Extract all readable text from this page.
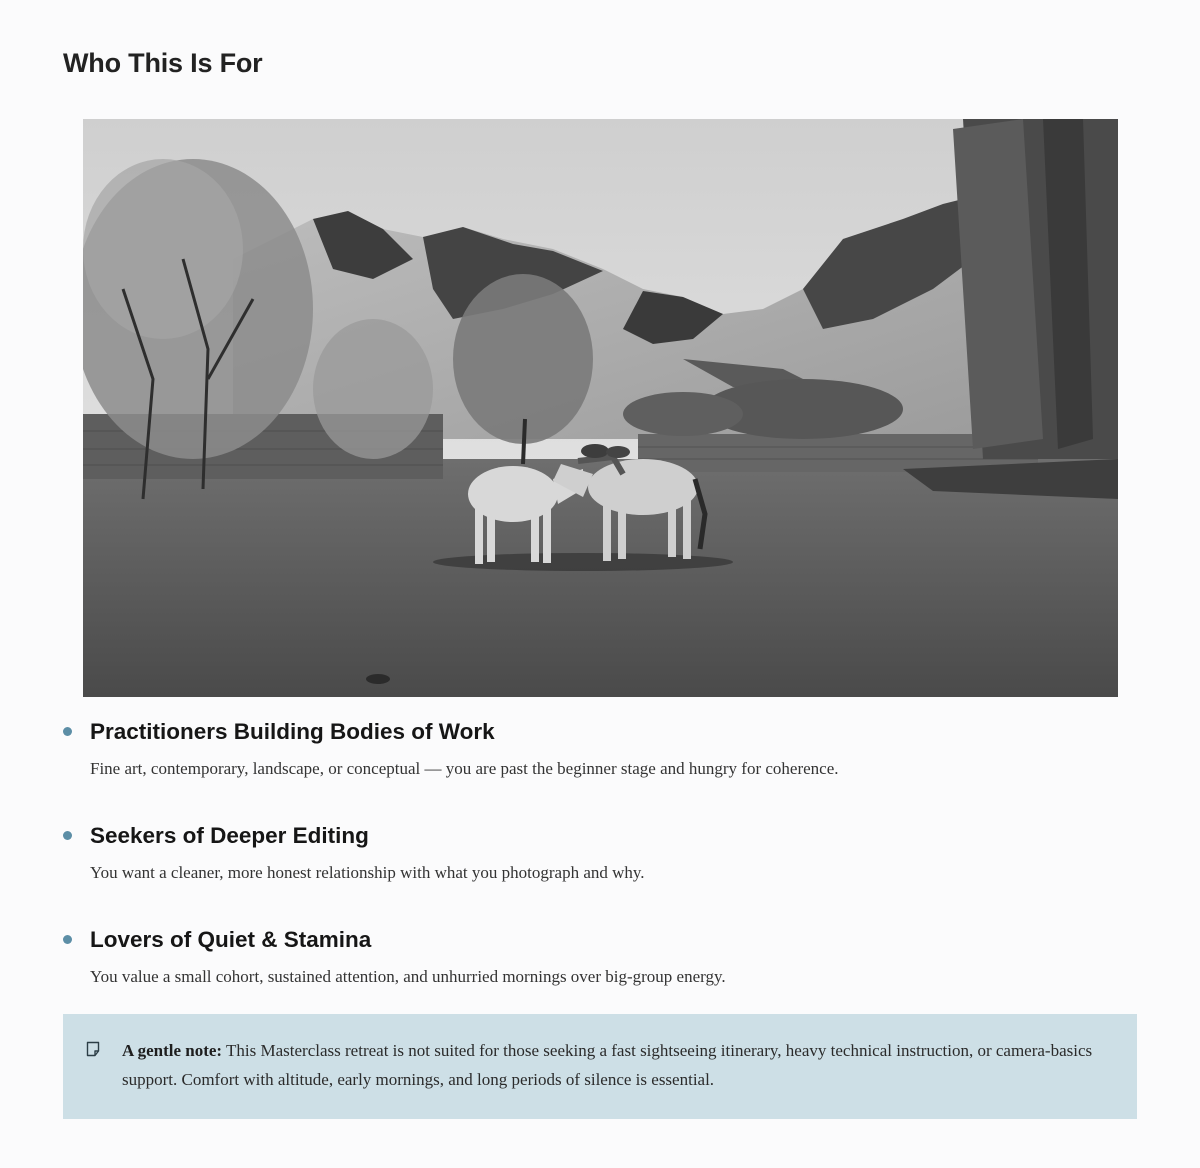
Who This Is For
Practitioners Building Bodies of Work

Fine art, contemporary, landscape, or conceptual — you are past the beginner stage and hungry for coherence.

Seekers of Deeper Editing

You want a cleaner, more honest relationship with what you photograph and why.

Lovers of Quiet & Stamina

You value a small cohort, sustained attention, and unhurried mornings over big-group energy.

A gentle note: This Masterclass retreat is not suited for those seeking a fast sightseeing itinerary, heavy technical instruction, or camera-basics support. Comfort with altitude, early mornings, and long periods of silence is essential.
